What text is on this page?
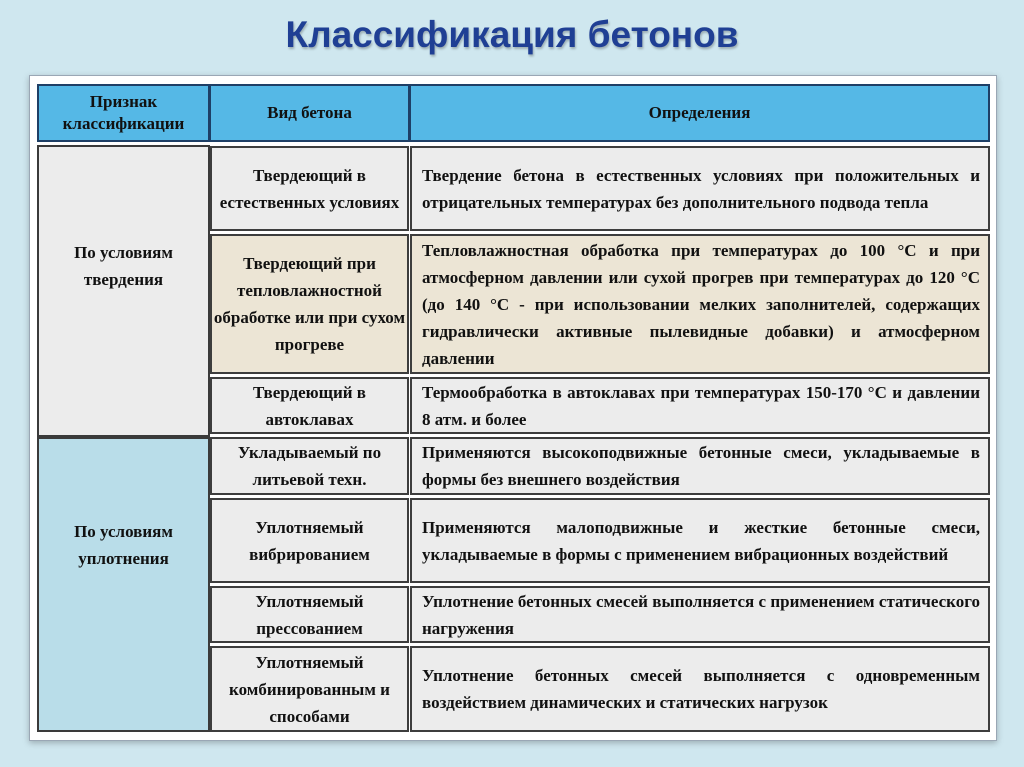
Классификация бетонов
Признак классификации
Вид бетона	Определения
По условиям твердения
По условиям уплотнения
Твердеющий в естественных условиях
Твердение бетона в естественных условиях при положительных и отрицательных температурах без дополнительного подвода тепла
Твердеющий при тепловлажностной обработке или при сухом прогреве
Тепловлажностная обработка при температурах до 100 °С и при атмосферном давлении или сухой прогрев при температурах до 120 °С (до 140 °С - при использовании мелких заполнителей, содержащих гидравлически активные пылевидные добавки) и атмосферном давлении
Твердеющий в автоклавах
Термообработка в автоклавах при температурах 150-170 °С и давлении 8 атм. и более
Укладываемый по литьевой техн.
Применяются высокоподвижные бетонные смеси, укладываемые в формы без внешнего воздействия
Уплотняемый вибрированием
Применяются малоподвижные и жесткие бетонные смеси, укладываемые в формы с применением вибрационных воздействий
Уплотняемый прессованием
Уплотнение бетонных смесей выполняется с применением статического нагружения
Уплотняемый комбинированным и способами
Уплотнение бетонных смесей выполняется с одновременным воздействием динамических и статических нагрузок
